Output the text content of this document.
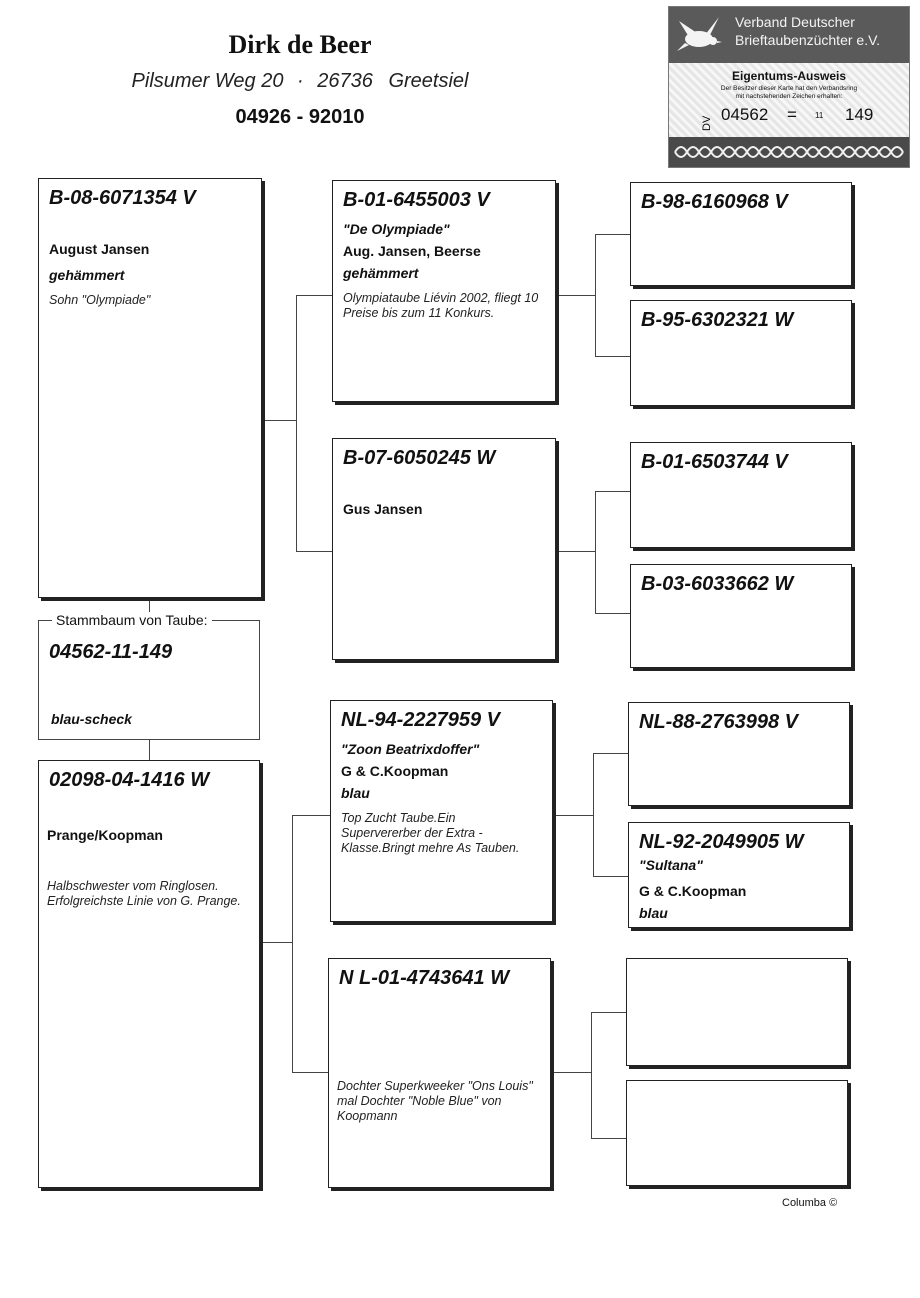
Dirk de Beer
Pilsumer Weg 20 · 26736 Greetsiel
04926 - 92010
Verband Deutscher
Brieftaubenzüchter e.V.
Eigentums-Ausweis
Der Besitzer dieser Karte hat den Verbandsring
mit nachstehenden Zeichen erhalten:
DV 04562 = 11 149
B-08-6071354 V
August Jansen
gehämmert
Sohn "Olympiade"
04562-11-149
blau-scheck
Stammbaum von Taube:
02098-04-1416 W
Prange/Koopman
Halbschwester vom Ringlosen. Erfolgreichste Linie von G. Prange.
B-01-6455003 V
"De Olympiade"
Aug. Jansen, Beerse
gehämmert
Olympiataube Liévin 2002, fliegt 10 Preise bis zum 11 Konkurs.
B-07-6050245 W
Gus Jansen
NL-94-2227959 V
"Zoon Beatrixdoffer"
G & C.Koopman
blau
Top Zucht Taube.Ein Supervererber der Extra - Klasse.Bringt mehre As Tauben.
N L-01-4743641 W
Dochter Superkweeker "Ons Louis" mal Dochter "Noble Blue" von Koopmann
B-98-6160968 V
B-95-6302321 W
B-01-6503744 V
B-03-6033662 W
NL-88-2763998 V
NL-92-2049905 W
"Sultana"
G & C.Koopman
blau
Columba ©
